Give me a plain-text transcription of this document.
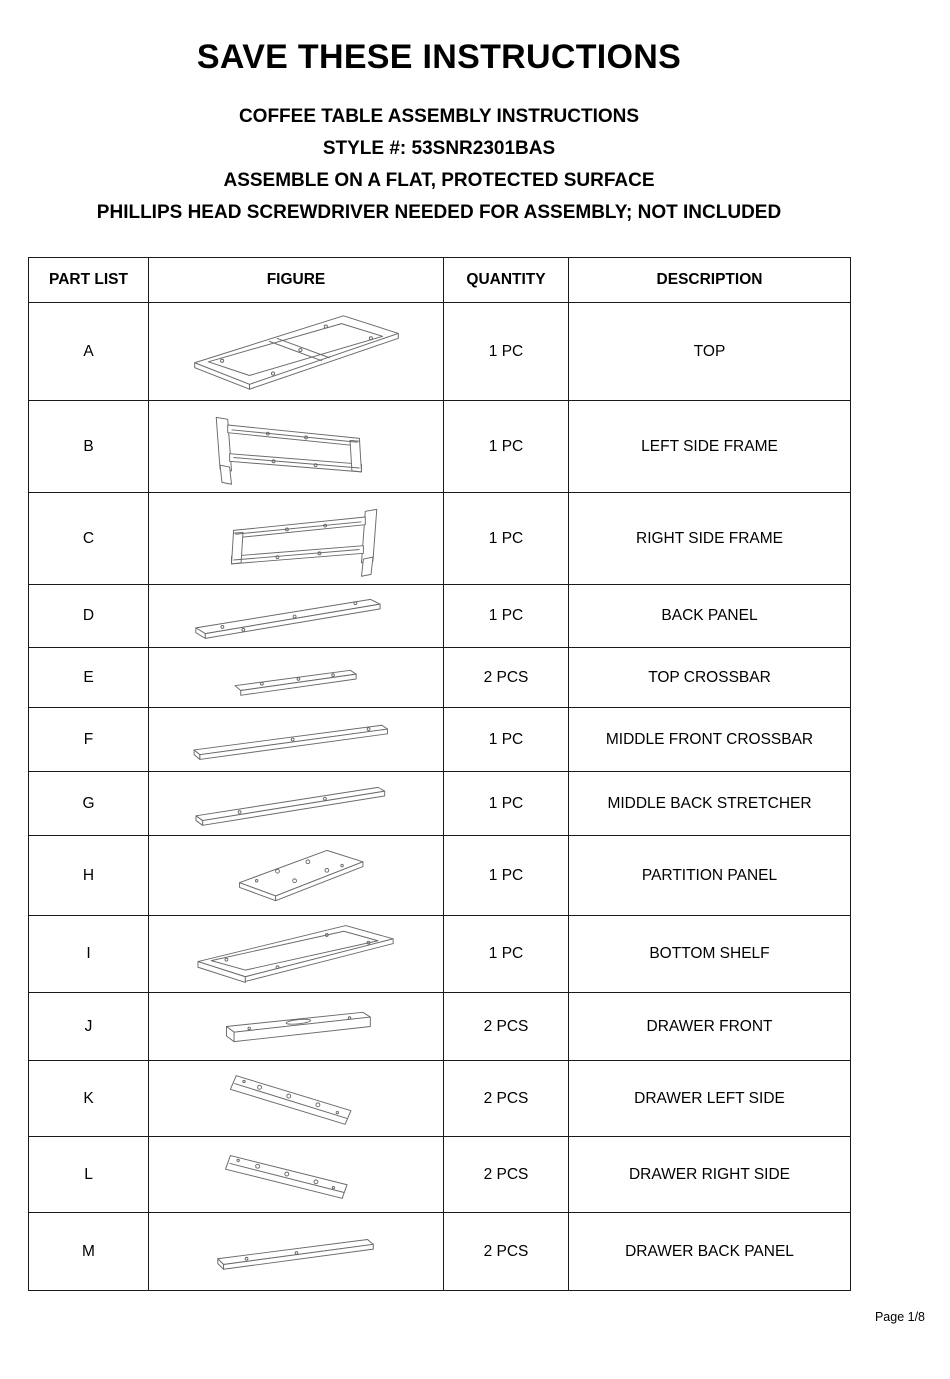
SAVE THESE INSTRUCTIONS
COFFEE TABLE ASSEMBLY INSTRUCTIONS
STYLE #: 53SNR2301BAS
ASSEMBLE ON A FLAT, PROTECTED SURFACE
PHILLIPS HEAD SCREWDRIVER NEEDED FOR ASSEMBLY; NOT INCLUDED
PART LIST	FIGURE	QUANTITY	DESCRIPTION
A		1 PC	TOP
B		1 PC	LEFT SIDE FRAME
C		1 PC	RIGHT SIDE FRAME
D		1 PC	BACK PANEL
E		2 PCS	TOP CROSSBAR
F		1 PC	MIDDLE FRONT CROSSBAR
G		1 PC	MIDDLE BACK STRETCHER
H		1 PC	PARTITION PANEL
I		1 PC	BOTTOM SHELF
J		2 PCS	DRAWER FRONT
K		2 PCS	DRAWER LEFT SIDE
L		2 PCS	DRAWER RIGHT SIDE
M		2 PCS	DRAWER BACK PANEL
Page 1/8
